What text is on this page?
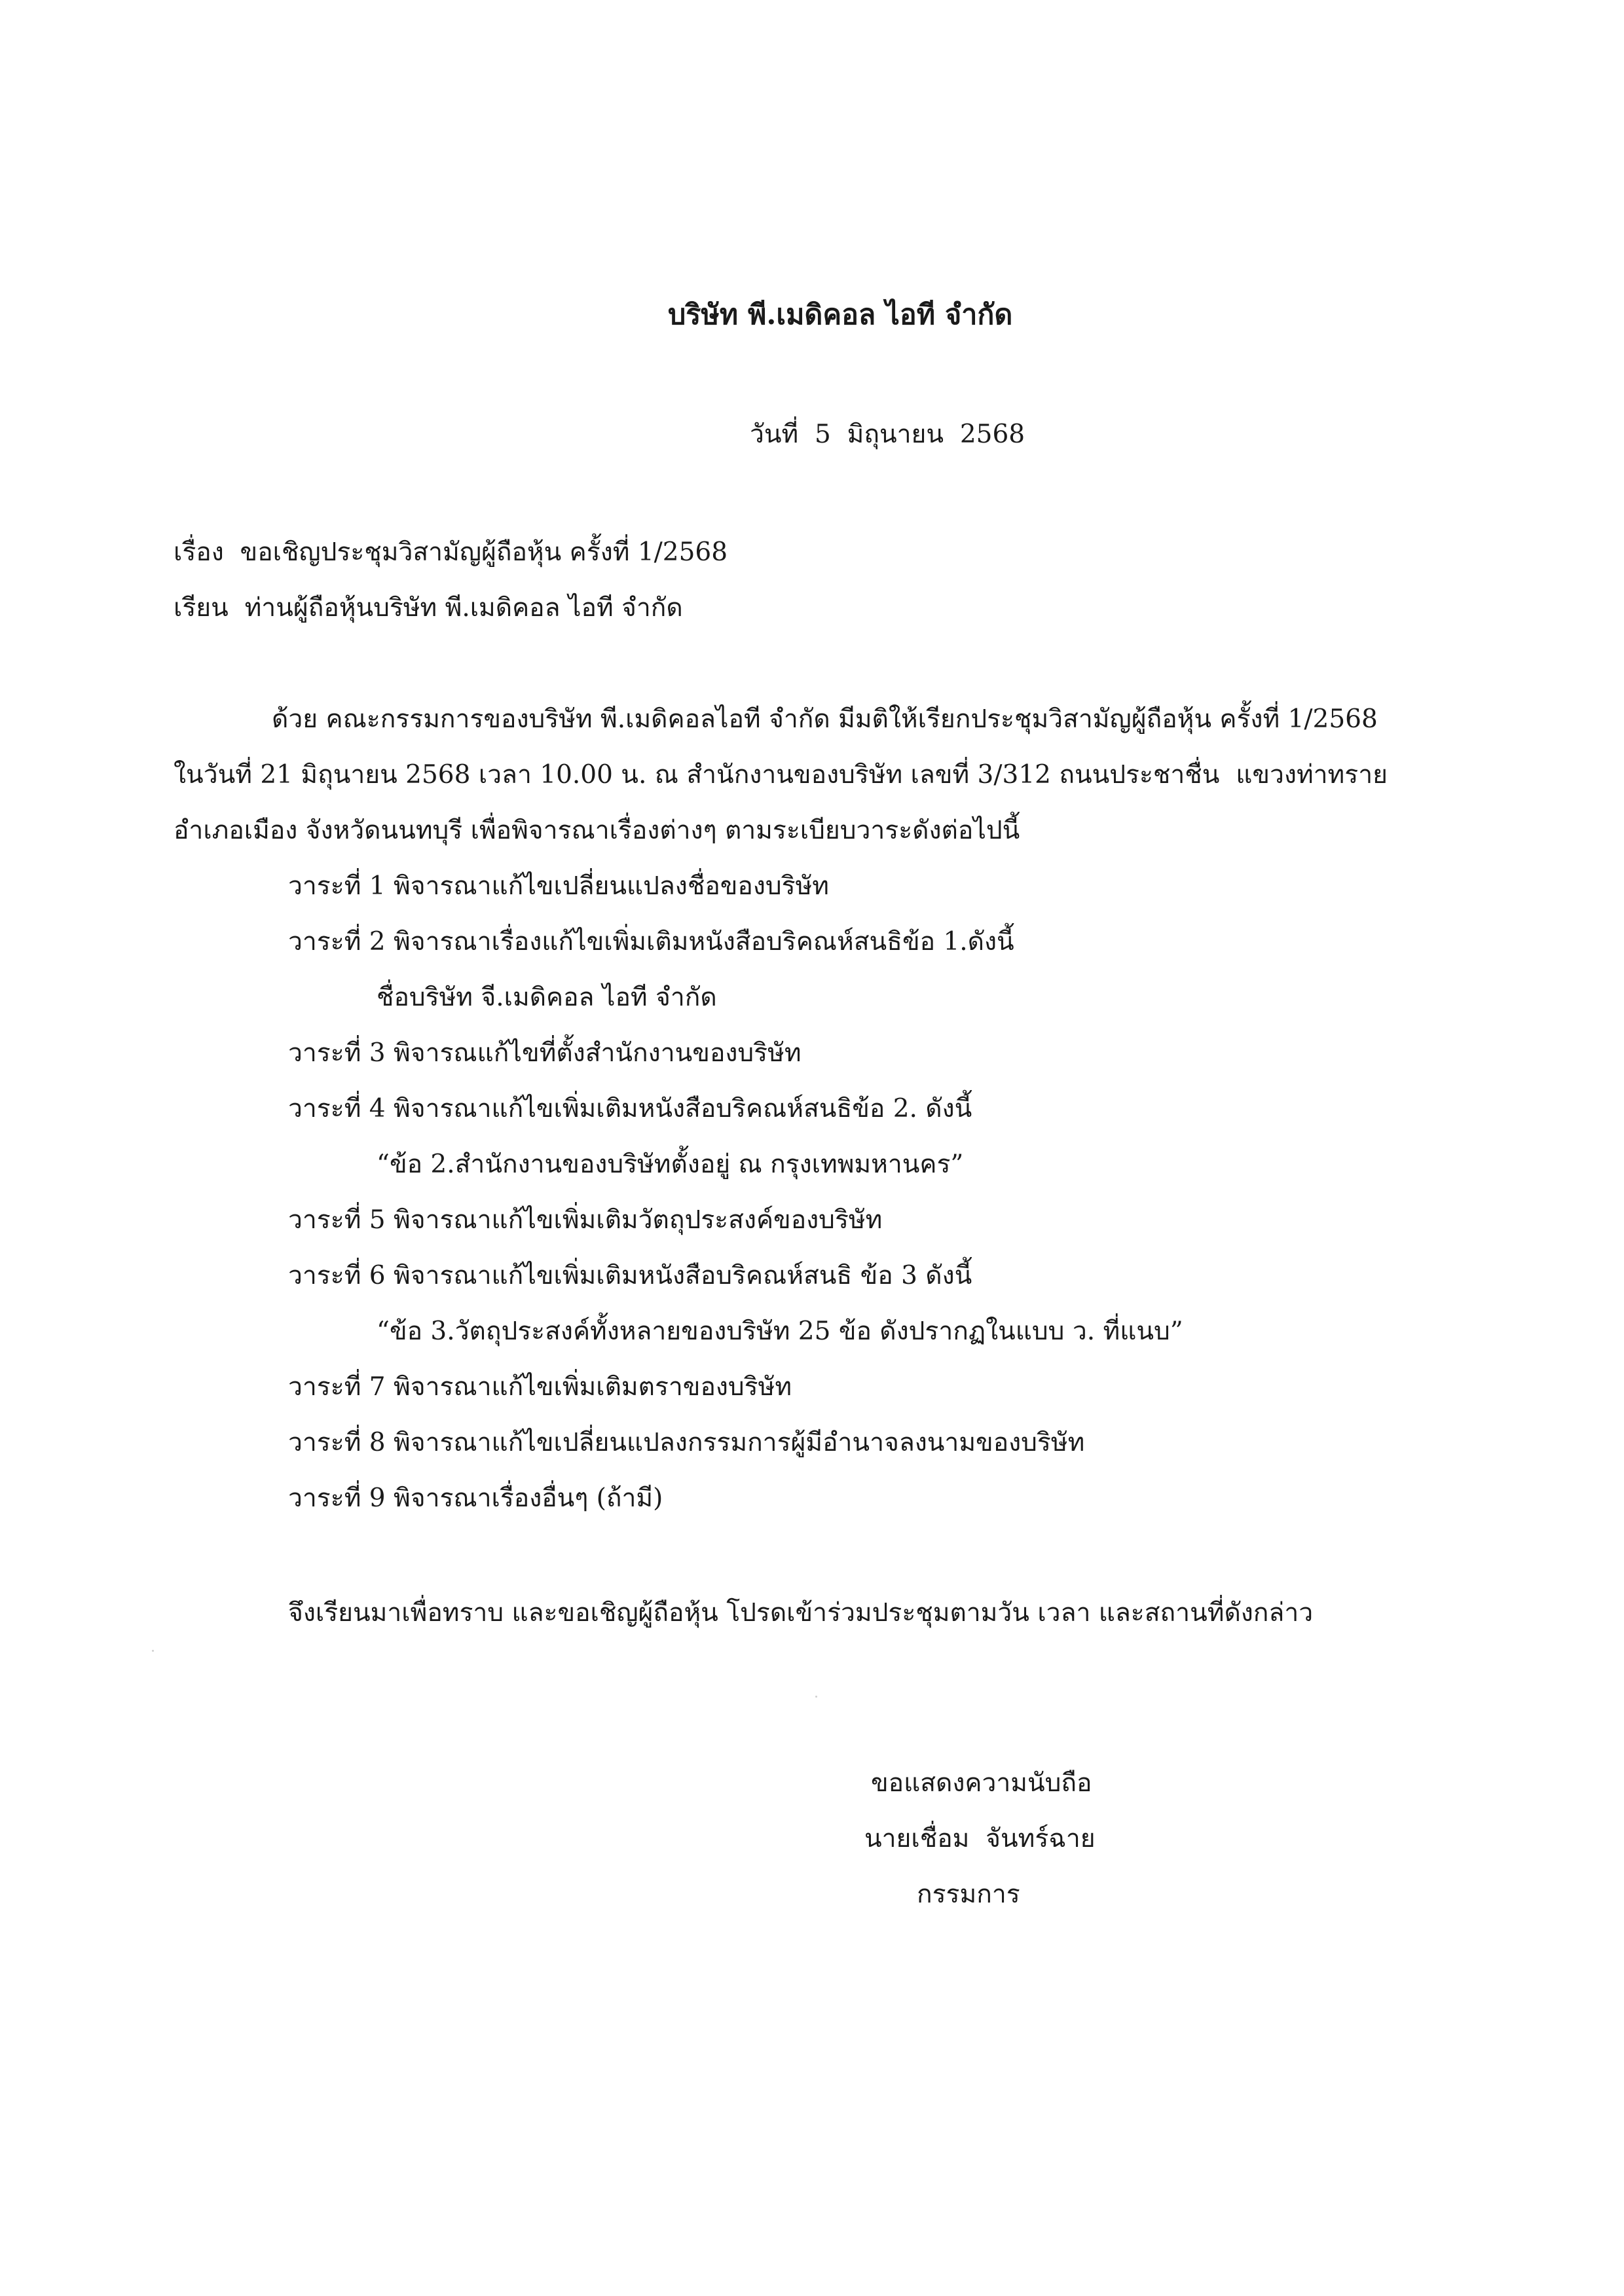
บริษัท พี.เมดิคอล ไอที จำกัด
วันที่  5  มิถุนายน  2568
เรื่อง  ขอเชิญประชุมวิสามัญผู้ถือหุ้น ครั้งที่ 1/2568
เรียน  ท่านผู้ถือหุ้นบริษัท พี.เมดิคอล ไอที จำกัด
ด้วย คณะกรรมการของบริษัท พี.เมดิคอลไอที จำกัด มีมติให้เรียกประชุมวิสามัญผู้ถือหุ้น ครั้งที่ 1/2568
ในวันที่ 21 มิถุนายน 2568 เวลา 10.00 น. ณ สำนักงานของบริษัท เลขที่ 3/312 ถนนประชาชื่น  แขวงท่าทราย
อำเภอเมือง จังหวัดนนทบุรี เพื่อพิจารณาเรื่องต่างๆ ตามระเบียบวาระดังต่อไปนี้
วาระที่ 1 พิจารณาแก้ไขเปลี่ยนแปลงชื่อของบริษัท
วาระที่ 2 พิจารณาเรื่องแก้ไขเพิ่มเติมหนังสือบริคณห์สนธิข้อ 1.ดังนี้
ชื่อบริษัท จี.เมดิคอล ไอที จำกัด
วาระที่ 3 พิจารณแก้ไขที่ตั้งสำนักงานของบริษัท
วาระที่ 4 พิจารณาแก้ไขเพิ่มเติมหนังสือบริคณห์สนธิข้อ 2. ดังนี้
“ข้อ 2.สำนักงานของบริษัทตั้งอยู่ ณ กรุงเทพมหานคร”
วาระที่ 5 พิจารณาแก้ไขเพิ่มเติมวัตถุประสงค์ของบริษัท
วาระที่ 6 พิจารณาแก้ไขเพิ่มเติมหนังสือบริคณห์สนธิ ข้อ 3 ดังนี้
“ข้อ 3.วัตถุประสงค์ทั้งหลายของบริษัท 25 ข้อ ดังปรากฏในแบบ ว. ที่แนบ”
วาระที่ 7 พิจารณาแก้ไขเพิ่มเติมตราของบริษัท
วาระที่ 8 พิจารณาแก้ไขเปลี่ยนแปลงกรรมการผู้มีอำนาจลงนามของบริษัท
วาระที่ 9 พิจารณาเรื่องอื่นๆ (ถ้ามี)
จึงเรียนมาเพื่อทราบ และขอเชิญผู้ถือหุ้น โปรดเข้าร่วมประชุมตามวัน เวลา และสถานที่ดังกล่าว
ขอแสดงความนับถือ
นายเชื่อม  จันทร์ฉาย
กรรมการ
